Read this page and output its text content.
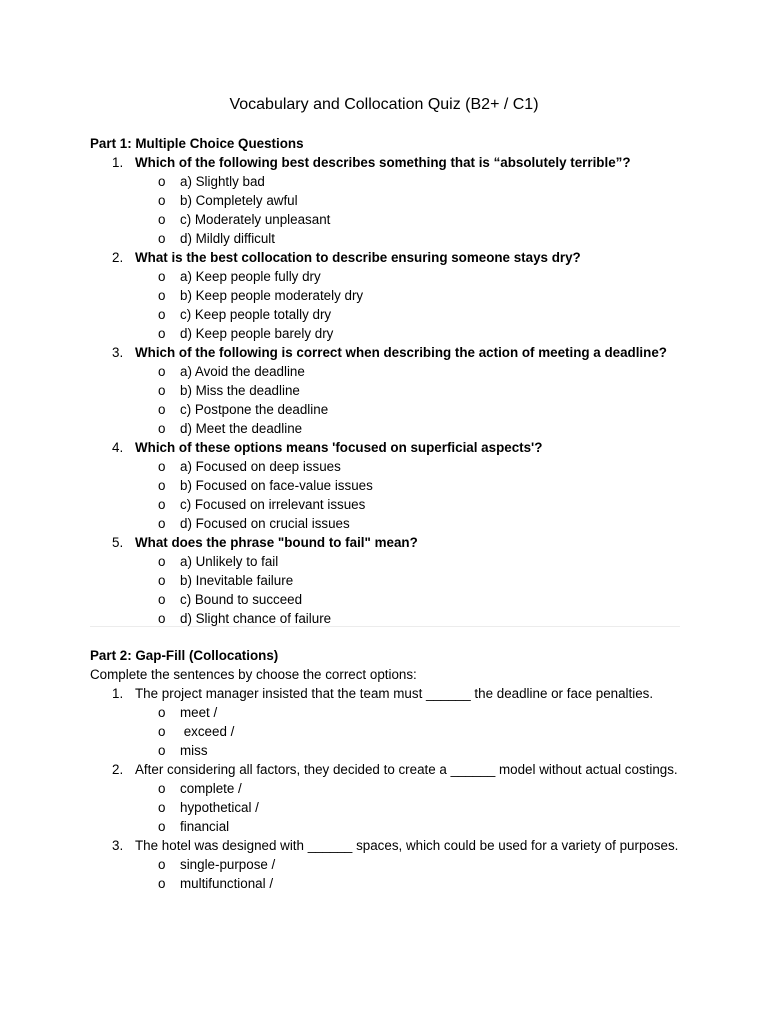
Vocabulary and Collocation Quiz (B2+ / C1)
Part 1: Multiple Choice Questions
1. Which of the following best describes something that is “absolutely terrible”?
o a) Slightly bad
o b) Completely awful
o c) Moderately unpleasant
o d) Mildly difficult
2. What is the best collocation to describe ensuring someone stays dry?
o a) Keep people fully dry
o b) Keep people moderately dry
o c) Keep people totally dry
o d) Keep people barely dry
3. Which of the following is correct when describing the action of meeting a deadline?
o a) Avoid the deadline
o b) Miss the deadline
o c) Postpone the deadline
o d) Meet the deadline
4. Which of these options means 'focused on superficial aspects'?
o a) Focused on deep issues
o b) Focused on face-value issues
o c) Focused on irrelevant issues
o d) Focused on crucial issues
5. What does the phrase "bound to fail" mean?
o a) Unlikely to fail
o b) Inevitable failure
o c) Bound to succeed
o d) Slight chance of failure
Part 2: Gap-Fill (Collocations)
Complete the sentences by choose the correct options:
1. The project manager insisted that the team must ______ the deadline or face penalties.
o meet /
o exceed /
o miss
2. After considering all factors, they decided to create a ______ model without actual costings.
o complete /
o hypothetical /
o financial
3. The hotel was designed with ______ spaces, which could be used for a variety of purposes.
o single-purpose /
o multifunctional /
